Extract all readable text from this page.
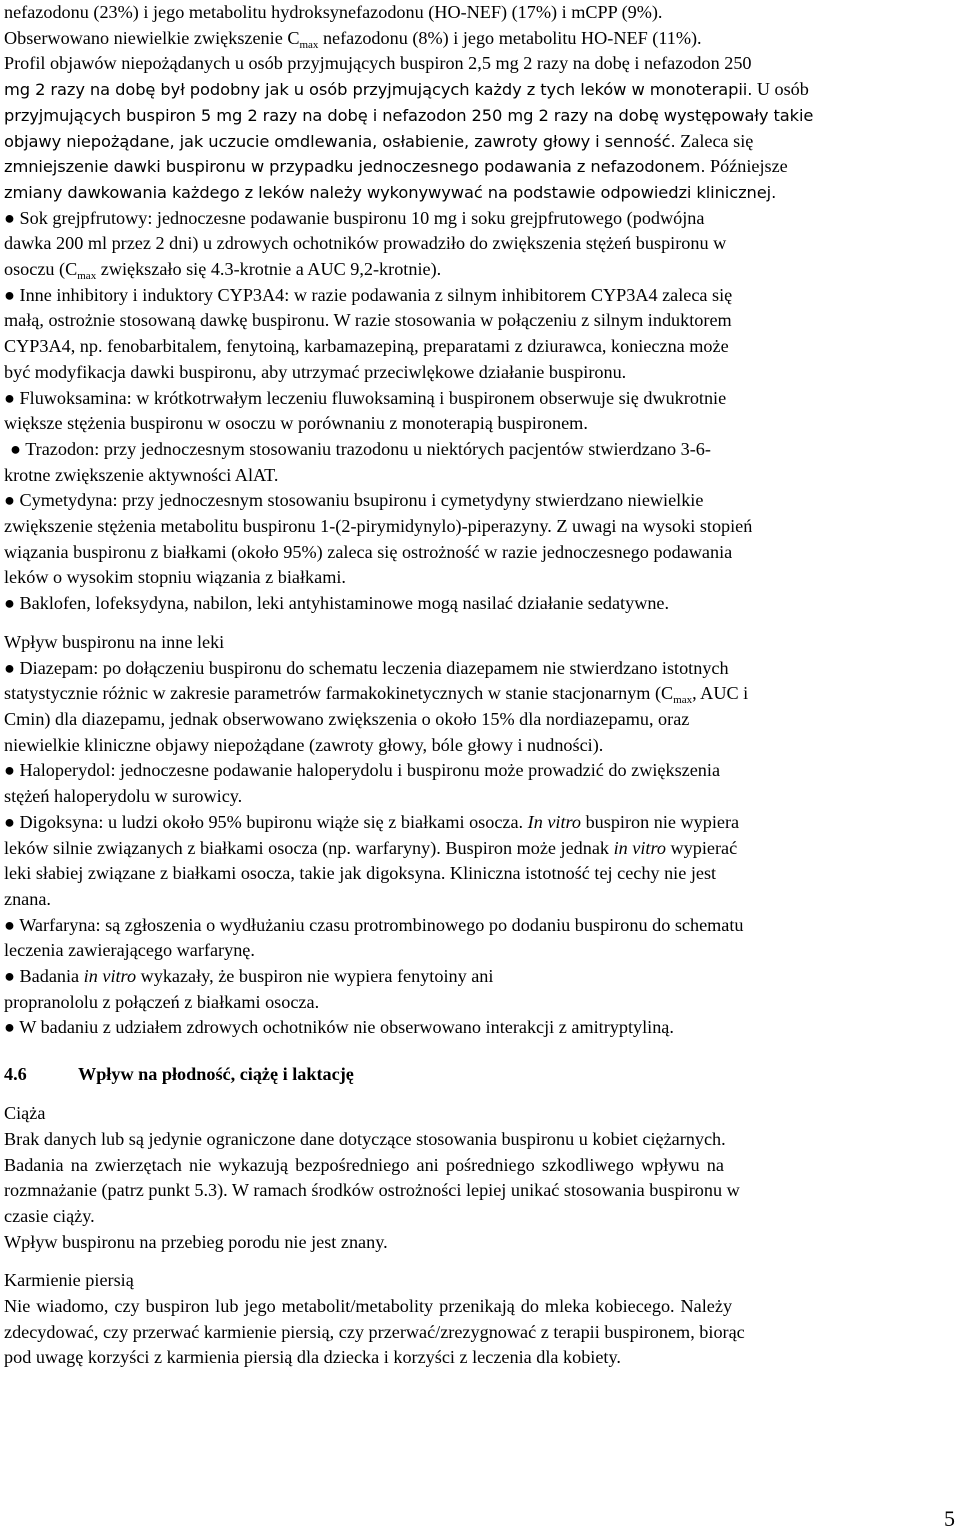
nefazodonu (23%) i jego metabolitu hydroksynefazodonu (HO-NEF) (17%) i mCPP (9%).
Obserwowano niewielkie zwiększenie $C_{max}$ nefazodonu (8%) i jego metabolitu HO-NEF (11%).
Profil objawów niepożądanych u osób przyjmujących buspiron 2,5 mg 2 razy na dobę i nefazodon 250
mg 2 razy na dobę był podobny jak u osób przyjmujących każdy z tych leków w monoterapii. U osób
przyjmujących buspiron 5 mg 2 razy na dobę i nefazodon 250 mg 2 razy na dobę występowały takie
objawy niepożądane, jak uczucie omdlewania, osłabienie, zawroty głowy i senność. Zaleca się
zmniejszenie dawki buspironu w przypadku jednoczesnego podawania z nefazodonem. Późniejsze
zmiany dawkowania każdego z leków należy wykonywywać na podstawie odpowiedzi klinicznej.
● Sok grejpfrutowy: jednoczesne podawanie buspironu 10 mg i soku grejpfrutowego (podwójna
dawka 200 ml przez 2 dni) u zdrowych ochotników prowadziło do zwiększenia stężeń buspironu w
osoczu ($C_{max}$ zwiększało się 4.3-krotnie a AUC 9,2-krotnie).
● Inne inhibitory i induktory CYP3A4: w razie podawania z silnym inhibitorem CYP3A4 zaleca się
małą, ostrożnie stosowaną dawkę buspironu. W razie stosowania w połączeniu z silnym induktorem
CYP3A4, np. fenobarbitalem, fenytoiną, karbamazepiną, preparatami z dziurawca, konieczna może
być modyfikacja dawki buspironu, aby utrzymać przeciwlękowe działanie buspironu.
● Fluwoksamina: w krótkotrwałym leczeniu fluwoksaminą i buspironem obserwuje się dwukrotnie
większe stężenia buspironu w osoczu w porównaniu z monoterapią buspironem.
● Trazodon: przy jednoczesnym stosowaniu trazodonu u niektórych pacjentów stwierdzano 3-6-
krotne zwiększenie aktywności AlAT.
● Cymetydyna: przy jednoczesnym stosowaniu bsupironu i cymetydyny stwierdzano niewielkie
zwiększenie stężenia metabolitu buspironu 1-(2-pirymidynylo)-piperazyny. Z uwagi na wysoki stopień
wiązania buspironu z białkami (około 95%) zaleca się ostrożność w razie jednoczesnego podawania
leków o wysokim stopniu wiązania z białkami.
● Baklofen, lofeksydyna, nabilon, leki antyhistaminowe mogą nasilać działanie sedatywne.
Wpływ buspironu na inne leki
● Diazepam: po dołączeniu buspironu do schematu leczenia diazepamem nie stwierdzano istotnych
statystycznie różnic w zakresie parametrów farmakokinetycznych w stanie stacjonarnym ($C_{max}$, AUC i
Cmin) dla diazepamu, jednak obserwowano zwiększenia o około 15% dla nordiazepamu, oraz
niewielkie kliniczne objawy niepożądane (zawroty głowy, bóle głowy i nudności).
● Haloperydol: jednoczesne podawanie haloperydolu i buspironu może prowadzić do zwiększenia
stężeń haloperydolu w surowicy.
● Digoksyna: u ludzi około 95% bupironu wiąże się z białkami osocza. In vitro buspiron nie wypiera
leków silnie związanych z białkami osocza (np. warfaryny). Buspiron może jednak in vitro wypierać
leki słabiej związane z białkami osocza, takie jak digoksyna. Kliniczna istotność tej cechy nie jest
znana.
● Warfaryna: są zgłoszenia o wydłużaniu czasu protrombinowego po dodaniu buspironu do schematu
leczenia zawierającego warfarynę.
● Badania in vitro wykazały, że buspiron nie wypiera fenytoiny ani
propranololu z połączeń z białkami osocza.
● W badaniu z udziałem zdrowych ochotników nie obserwowano interakcji z amitryptyliną.
4.6	Wpływ na płodność, ciążę i laktację
Ciąża
Brak danych lub są jedynie ograniczone dane dotyczące stosowania buspironu u kobiet ciężarnych.
Badania na zwierzętach nie wykazują bezpośredniego ani pośredniego szkodliwego wpływu na
rozmnażanie (patrz punkt 5.3). W ramach środków ostrożności lepiej unikać stosowania buspironu w
czasie ciąży.
Wpływ buspironu na przebieg porodu nie jest znany.
Karmienie piersią
Nie wiadomo, czy buspiron lub jego metabolit/metabolity przenikają do mleka kobiecego. Należy
zdecydować, czy przerwać karmienie piersią, czy przerwać/zrezygnować z terapii buspironem, biorąc
pod uwagę korzyści z karmienia piersią dla dziecka i korzyści z leczenia dla kobiety.
5
